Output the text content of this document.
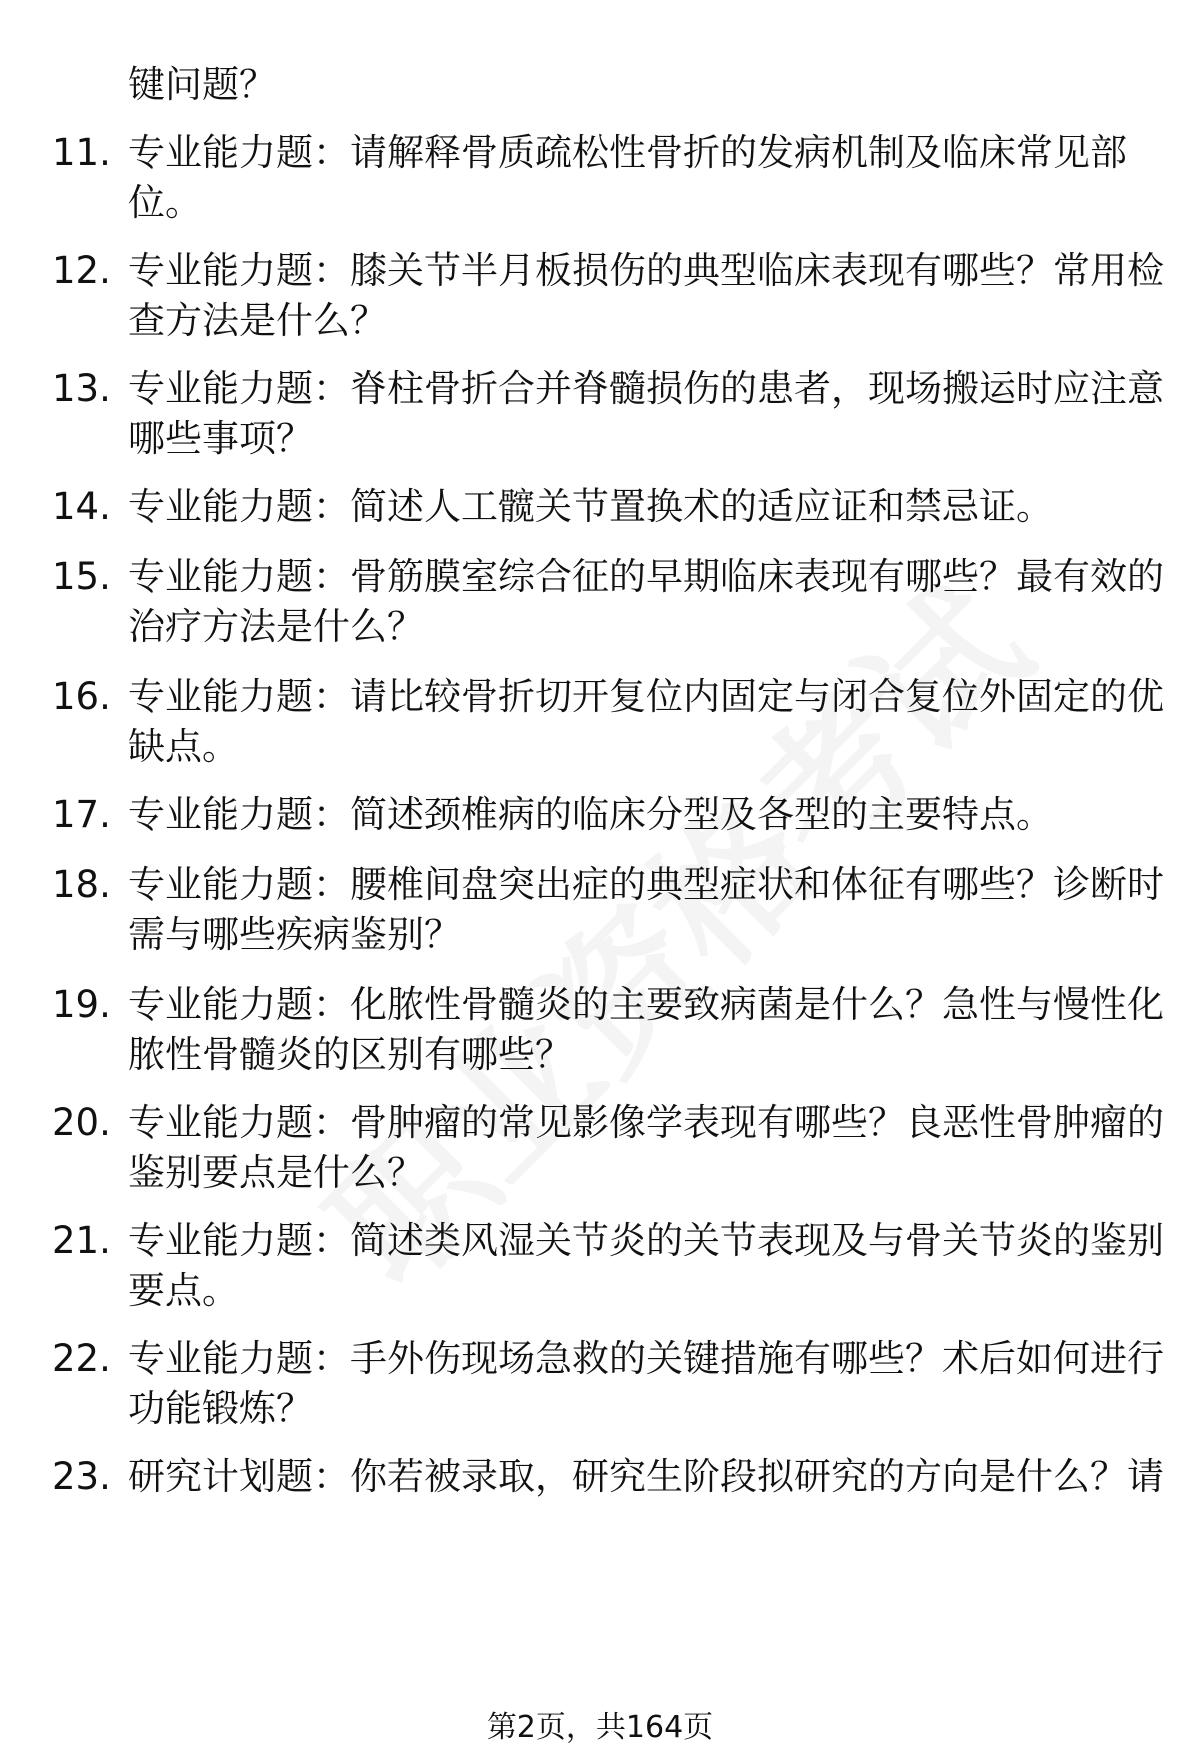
键问题？
11. 专业能力题：请解释骨质疏松性骨折的发病机制及临床常见部
位。
12. 专业能力题：膝关节半月板损伤的典型临床表现有哪些？常用检
查方法是什么？
13. 专业能力题：脊柱骨折合并脊髓损伤的患者，现场搬运时应注意
哪些事项？
14. 专业能力题：简述人工髋关节置换术的适应证和禁忌证。
15. 专业能力题：骨筋膜室综合征的早期临床表现有哪些？最有效的
治疗方法是什么？
16. 专业能力题：请比较骨折切开复位内固定与闭合复位外固定的优
缺点。
17. 专业能力题：简述颈椎病的临床分型及各型的主要特点。
18. 专业能力题：腰椎间盘突出症的典型症状和体征有哪些？诊断时
需与哪些疾病鉴别？
19. 专业能力题：化脓性骨髓炎的主要致病菌是什么？急性与慢性化
脓性骨髓炎的区别有哪些？
20. 专业能力题：骨肿瘤的常见影像学表现有哪些？良恶性骨肿瘤的
鉴别要点是什么？
21. 专业能力题：简述类风湿关节炎的关节表现及与骨关节炎的鉴别
要点。
22. 专业能力题：手外伤现场急救的关键措施有哪些？术后如何进行
功能锻炼？
23. 研究计划题：你若被录取，研究生阶段拟研究的方向是什么？请
第2页，共164页
